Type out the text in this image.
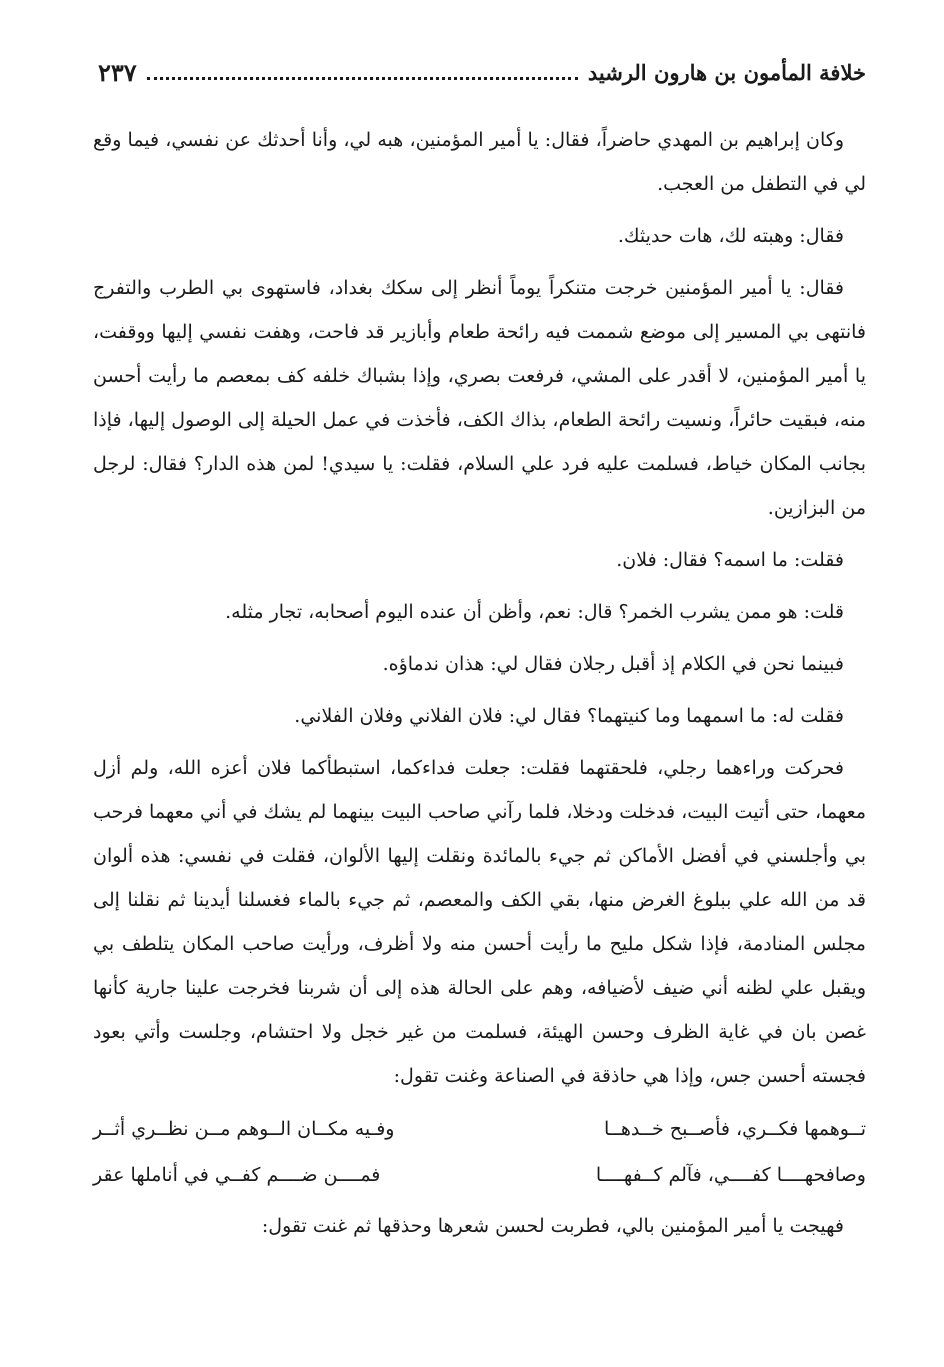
خلافة المأمون بن هارون الرشيد
٢٣٧

وكان إبراهيم بن المهدي حاضراً، فقال: يا أمير المؤمنين، هبه لي، وأنا أحدثك عن نفسي، فيما وقع لي في التطفل من العجب.

فقال: وهبته لك، هات حديثك.

فقال: يا أمير المؤمنين خرجت متنكراً يوماً أنظر إلى سكك بغداد، فاستهوى بي الطرب والتفرج فانتهى بي المسير إلى موضع شممت فيه رائحة طعام وأبازير قد فاحت، وهفت نفسي إليها ووقفت، يا أمير المؤمنين، لا أقدر على المشي، فرفعت بصري، وإذا بشباك خلفه كف بمعصم ما رأيت أحسن منه، فبقيت حائراً، ونسيت رائحة الطعام، بذاك الكف، فأخذت في عمل الحيلة إلى الوصول إليها، فإذا بجانب المكان خياط، فسلمت عليه فرد علي السلام، فقلت: يا سيدي! لمن هذه الدار؟ فقال: لرجل من البزازين.

فقلت: ما اسمه؟ فقال: فلان.

قلت: هو ممن يشرب الخمر؟ قال: نعم، وأظن أن عنده اليوم أصحابه، تجار مثله.

فبينما نحن في الكلام إذ أقبل رجلان فقال لي: هذان ندماؤه.

فقلت له: ما اسمهما وما كنيتهما؟ فقال لي: فلان الفلاني وفلان الفلاني.

فحركت وراءهما رجلي، فلحقتهما فقلت: جعلت فداءكما، استبطأكما فلان أعزه الله، ولم أزل معهما، حتى أتيت البيت، فدخلت ودخلا، فلما رآني صاحب البيت بينهما لم يشك في أني معهما فرحب بي وأجلسني في أفضل الأماكن ثم جيء بالمائدة ونقلت إليها الألوان، فقلت في نفسي: هذه ألوان قد من الله علي ببلوغ الغرض منها، بقي الكف والمعصم، ثم جيء بالماء فغسلنا أيدينا ثم نقلنا إلى مجلس المنادمة، فإذا شكل مليح ما رأيت أحسن منه ولا أظرف، ورأيت صاحب المكان يتلطف بي ويقبل علي لظنه أني ضيف لأضيافه، وهم على الحالة هذه إلى أن شربنا فخرجت علينا جارية كأنها غصن بان في غاية الظرف وحسن الهيئة، فسلمت من غير خجل ولا احتشام، وجلست وأتي بعود فجسته أحسن جس، وإذا هي حاذقة في الصناعة وغنت تقول:

تــوهمها فكــري، فأصــبح خــدهــا
وفـيه مكــان الــوهم مــن نظــري أثــر
وصافحهــــا كفــــي، فآلم كــفهــــا
فمــــن ضــــم كفــي في أناملها عقر

فهيجت يا أمير المؤمنين بالي، فطربت لحسن شعرها وحذقها ثم غنت تقول:
